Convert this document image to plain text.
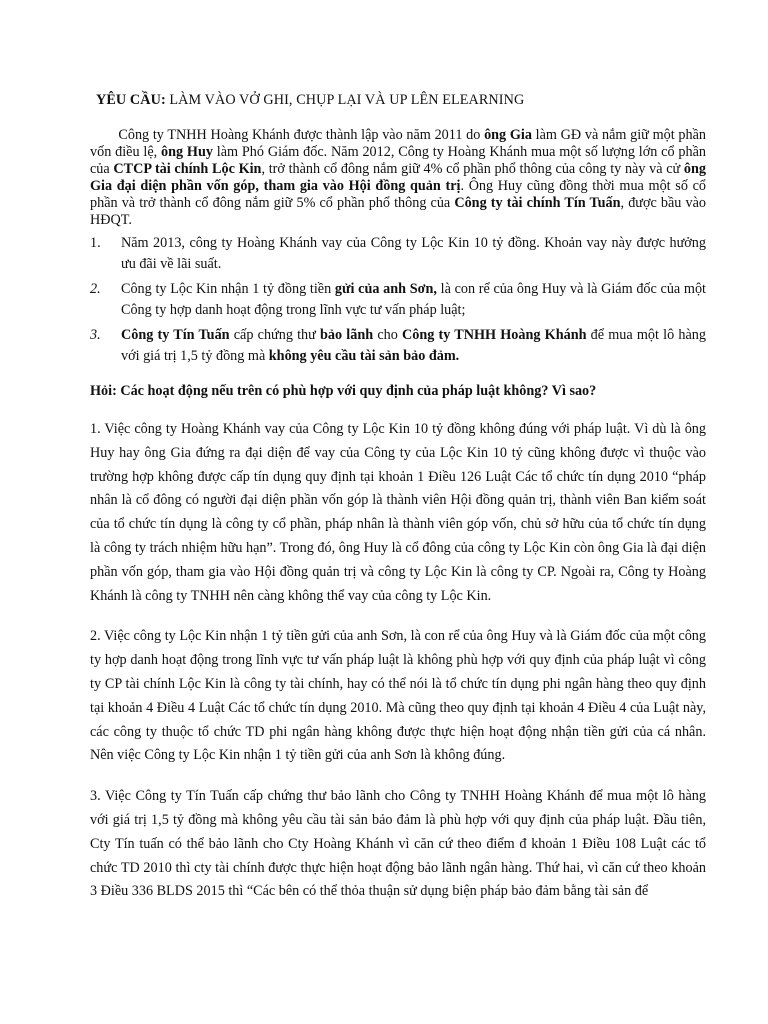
YÊU CẦU: LÀM VÀO VỞ GHI, CHỤP LẠI VÀ UP LÊN ELEARNING

Công ty TNHH Hoàng Khánh được thành lập vào năm 2011 do ông Gia làm GĐ và nắm giữ một phần vốn điều lệ, ông Huy làm Phó Giám đốc. Năm 2012, Công ty Hoàng Khánh mua một số lượng lớn cổ phần của CTCP tài chính Lộc Kin, trở thành cổ đông nắm giữ 4% cổ phần phổ thông của công ty này và cử ông Gia đại diện phần vốn góp, tham gia vào Hội đồng quản trị. Ông Huy cũng đồng thời mua một số cổ phần và trở thành cổ đông nắm giữ 5% cổ phần phổ thông của Công ty tài chính Tín Tuấn, được bầu vào HĐQT.

1. Năm 2013, công ty Hoàng Khánh vay của Công ty Lộc Kin 10 tỷ đồng. Khoản vay này được hưởng ưu đãi về lãi suất.
2. Công ty Lộc Kin nhận 1 tỷ đồng tiền gửi của anh Sơn, là con rể của ông Huy và là Giám đốc của một Công ty hợp danh hoạt động trong lĩnh vực tư vấn pháp luật;
3. Công ty Tín Tuấn cấp chứng thư bảo lãnh cho Công ty TNHH Hoàng Khánh để mua một lô hàng với giá trị 1,5 tỷ đồng mà không yêu cầu tài sản bảo đảm.
Hỏi: Các hoạt động nếu trên có phù hợp với quy định của pháp luật không? Vì sao?

1. Việc công ty Hoàng Khánh vay của Công ty Lộc Kin 10 tỷ đồng không đúng với pháp luật. Vì dù là ông Huy hay ông Gia đứng ra đại diện để vay của Công ty của Lộc Kin 10 tỷ cũng không được vì thuộc vào trường hợp không được cấp tín dụng quy định tại khoản 1 Điều 126 Luật Các tổ chức tín dụng 2010 “pháp nhân là cổ đông có người đại diện phần vốn góp là thành viên Hội đồng quản trị, thành viên Ban kiểm soát của tổ chức tín dụng là công ty cổ phần, pháp nhân là thành viên góp vốn, chủ sở hữu của tổ chức tín dụng là công ty trách nhiệm hữu hạn”. Trong đó, ông Huy là cổ đông của công ty Lộc Kin còn ông Gia là đại diện phần vốn góp, tham gia vào Hội đồng quản trị và công ty Lộc Kin là công ty CP. Ngoài ra, Công ty Hoàng Khánh là công ty TNHH nên càng không thể vay của công ty Lộc Kin.

2. Việc công ty Lộc Kin nhận 1 tỷ tiền gửi của anh Sơn, là con rể của ông Huy và là Giám đốc của một công ty hợp danh hoạt động trong lĩnh vực tư vấn pháp luật là không phù hợp với quy định của pháp luật vì công ty CP tài chính Lộc Kin là công ty tài chính, hay có thể nói là tổ chức tín dụng phi ngân hàng theo quy định tại khoản 4 Điều 4 Luật Các tổ chức tín dụng 2010. Mà cũng theo quy định tại khoản 4 Điều 4 của Luật này, các công ty thuộc tổ chức TD phi ngân hàng không được thực hiện hoạt động nhận tiền gửi của cá nhân. Nên việc Công ty Lộc Kin nhận 1 tỷ tiền gửi của anh Sơn là không đúng.

3. Việc Công ty Tín Tuấn cấp chứng thư bảo lãnh cho Công ty TNHH Hoàng Khánh để mua một lô hàng với giá trị 1,5 tỷ đồng mà không yêu cầu tài sản bảo đảm là phù hợp với quy định của pháp luật. Đầu tiên, Cty Tín tuấn có thể bảo lãnh cho Cty Hoàng Khánh vì căn cứ theo điểm đ khoản 1 Điều 108 Luật các tổ chức TD 2010 thì cty tài chính được thực hiện hoạt động bảo lãnh ngân hàng. Thứ hai, vì căn cứ theo khoản 3 Điều 336 BLDS 2015 thì “Các bên có thể thỏa thuận sử dụng biện pháp bảo đảm bằng tài sản để
